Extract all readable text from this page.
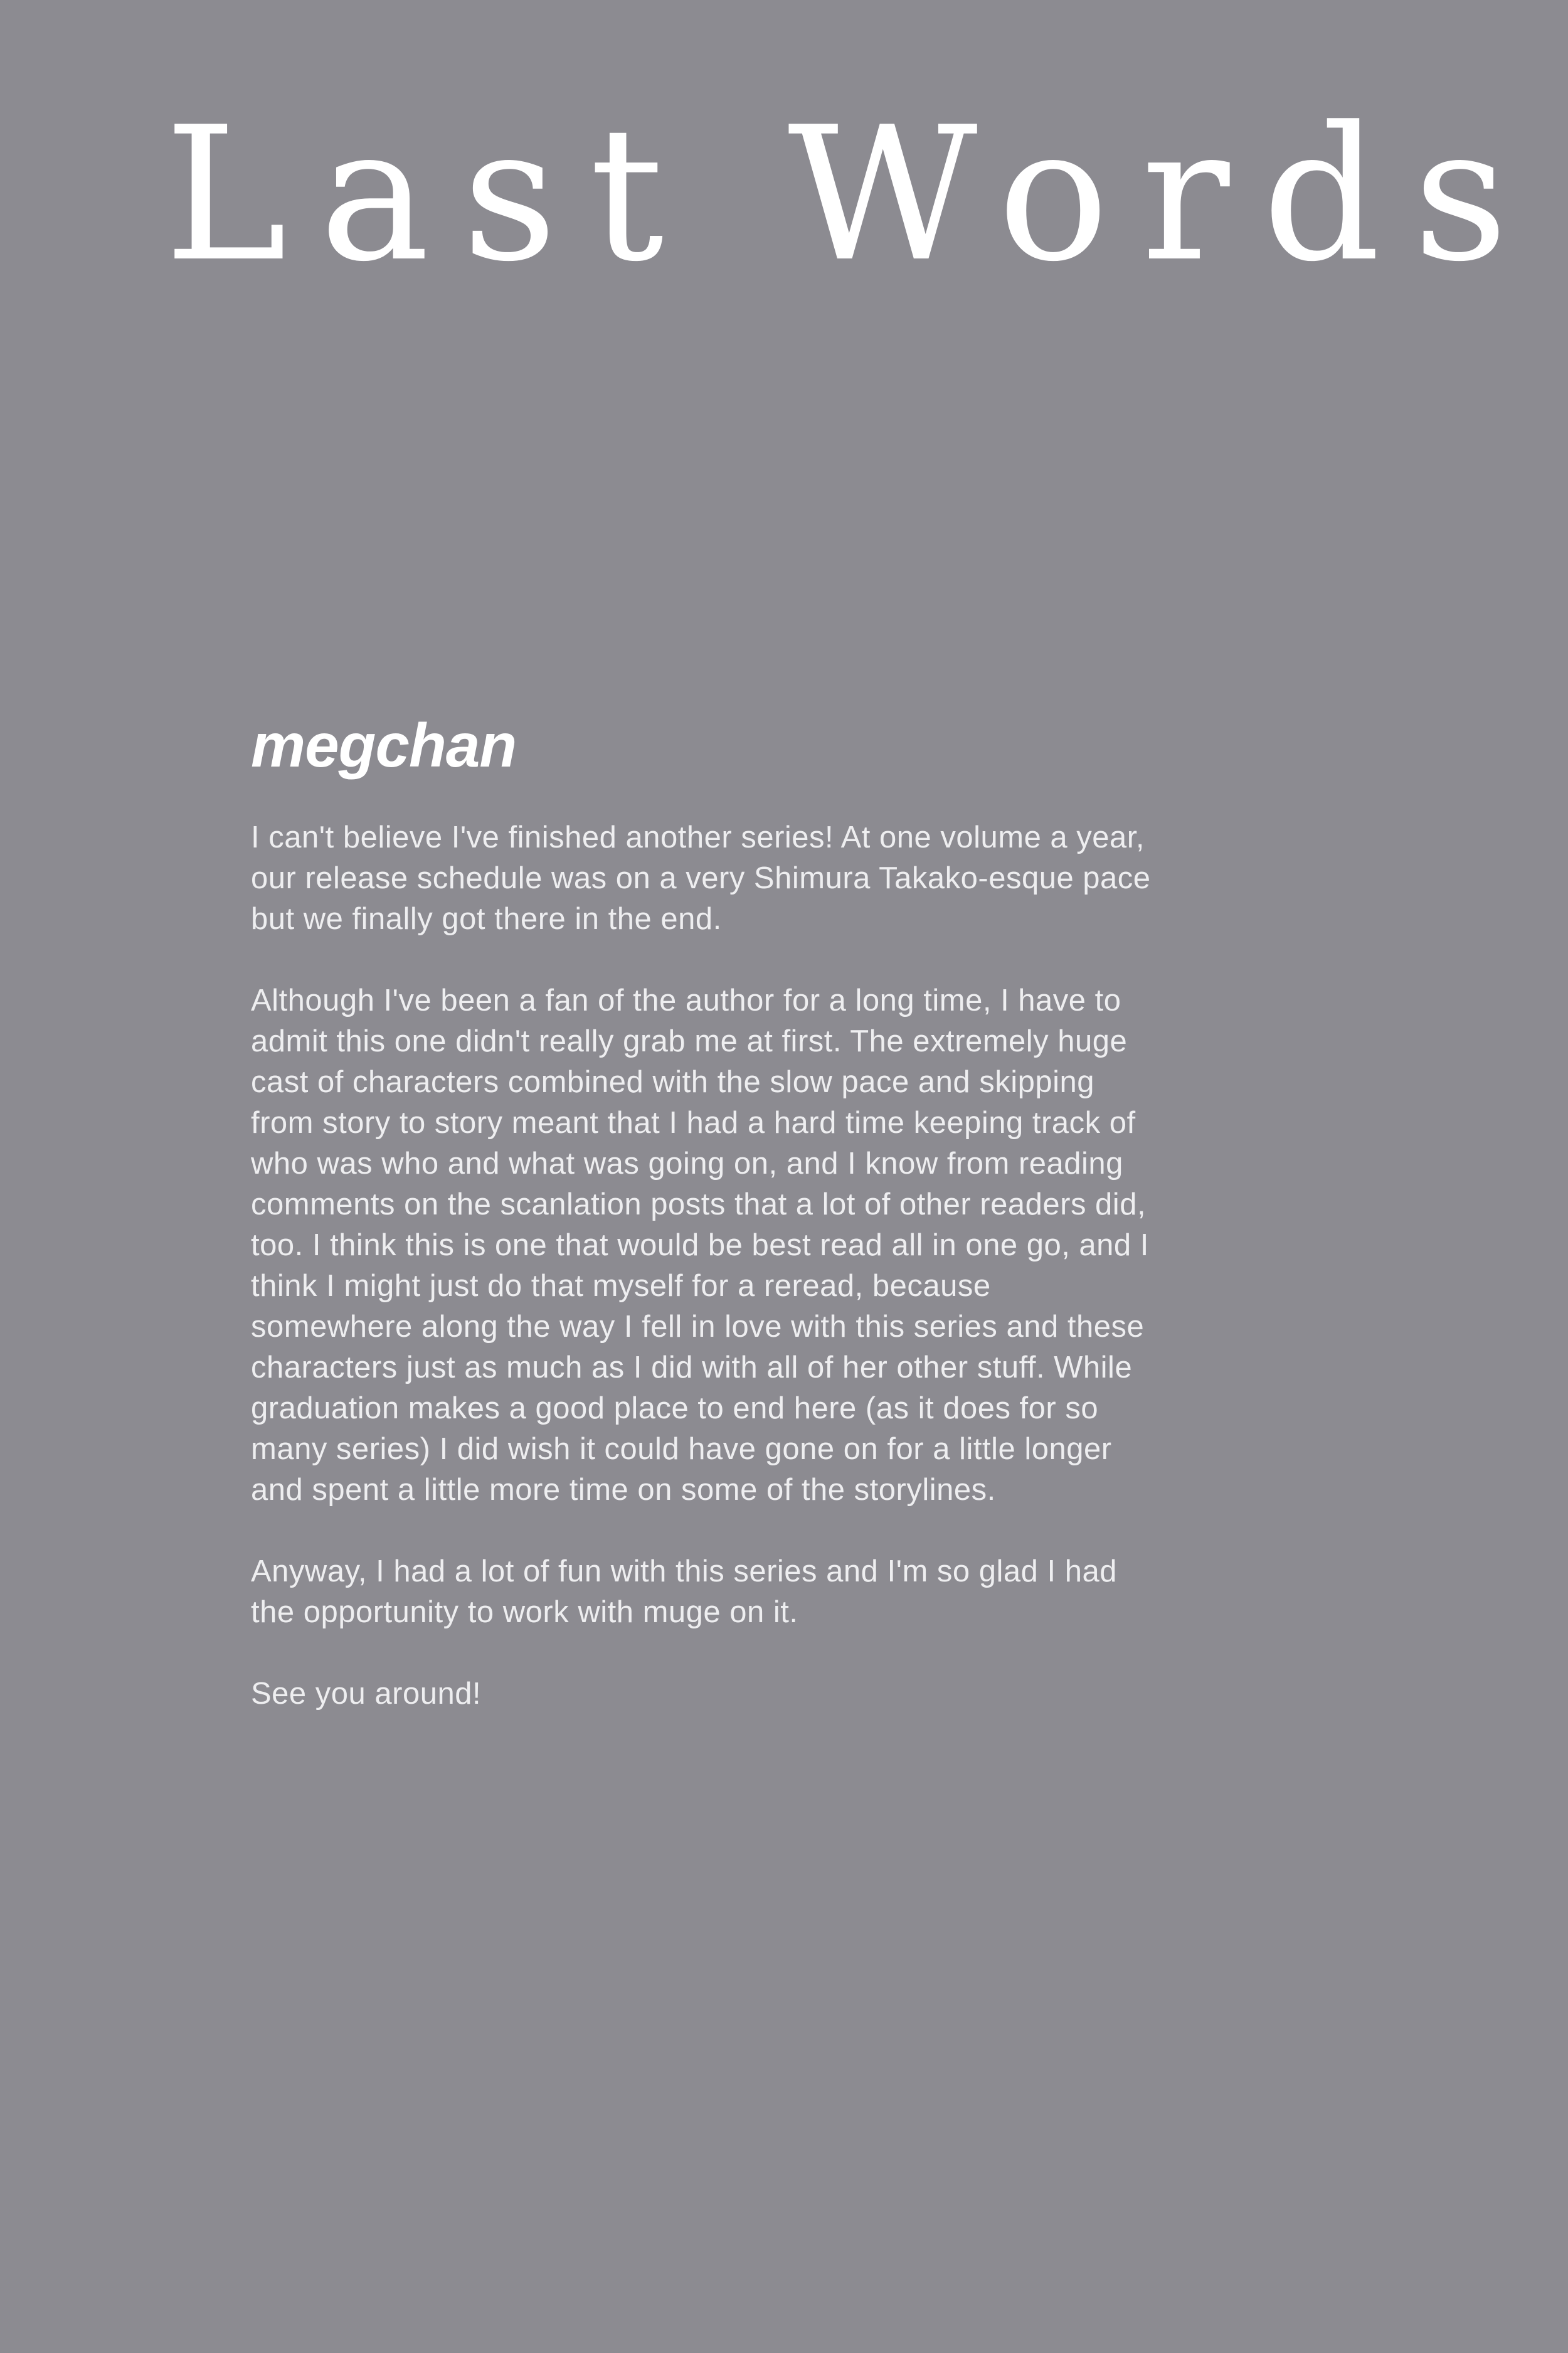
Last Words
megchan
I can't believe I've finished another series! At one volume a year,
our release schedule was on a very Shimura Takako-esque pace
but we finally got there in the end.
Although I've been a fan of the author for a long time, I have to
admit this one didn't really grab me at first. The extremely huge
cast of characters combined with the slow pace and skipping
from story to story meant that I had a hard time keeping track of
who was who and what was going on, and I know from reading
comments on the scanlation posts that a lot of other readers did,
too. I think this is one that would be best read all in one go, and I
think I might just do that myself for a reread, because
somewhere along the way I fell in love with this series and these
characters just as much as I did with all of her other stuff. While
graduation makes a good place to end here (as it does for so
many series) I did wish it could have gone on for a little longer
and spent a little more time on some of the storylines.
Anyway, I had a lot of fun with this series and I'm so glad I had
the opportunity to work with muge on it.
See you around!
